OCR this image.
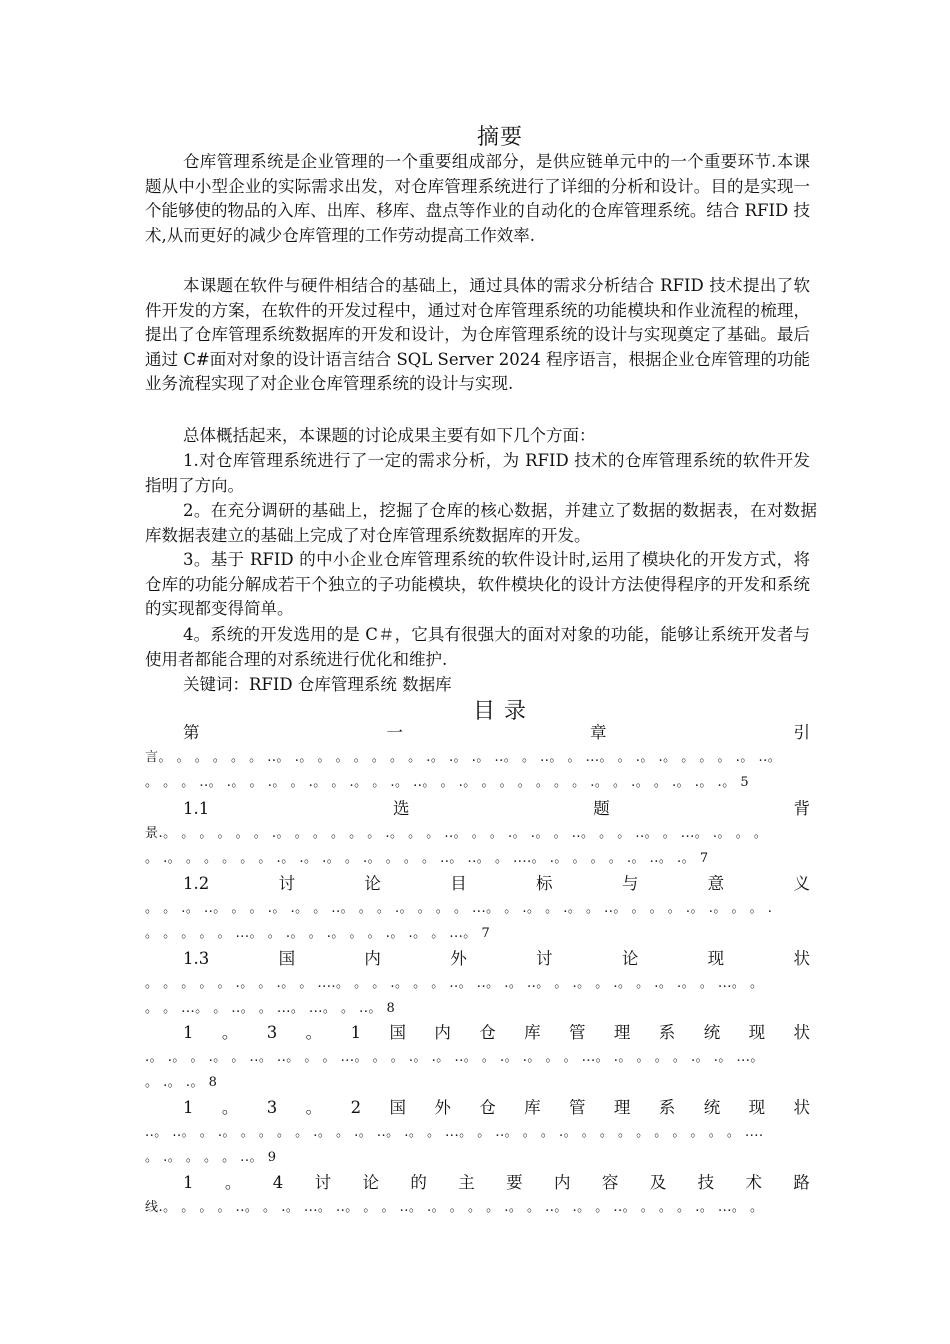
摘要

仓库管理系统是企业管理的一个重要组成部分，是供应链单元中的一个重要环节.本课题从中小型企业的实际需求出发，对仓库管理系统进行了详细的分析和设计。目的是实现一个能够使的物品的入库、出库、移库、盘点等作业的自动化的仓库管理系统。结合 RFID 技术,从而更好的减少仓库管理的工作劳动提高工作效率.

本课题在软件与硬件相结合的基础上，通过具体的需求分析结合 RFID 技术提出了软件开发的方案，在软件的开发过程中，通过对仓库管理系统的功能模块和作业流程的梳理，提出了仓库管理系统数据库的开发和设计，为仓库管理系统的设计与实现奠定了基础。最后通过 C#面对对象的设计语言结合 SQL Server 2024 程序语言，根据企业仓库管理的功能业务流程实现了对企业仓库管理系统的设计与实现.

总体概括起来，本课题的讨论成果主要有如下几个方面：

1.对仓库管理系统进行了一定的需求分析，为 RFID 技术的仓库管理系统的软件开发指明了方向。

2。在充分调研的基础上，挖掘了仓库的核心数据，并建立了数据的数据表，在对数据库数据表建立的基础上完成了对仓库管理系统数据库的开发。

3。基于 RFID 的中小企业仓库管理系统的软件设计时,运用了模块化的开发方式，将仓库的功能分解成若干个独立的子功能模块，软件模块化的设计方法使得程序的开发和系统的实现都变得简单。

4。系统的开发选用的是 C＃，它具有很强大的面对对象的功能，能够让系统开发者与使用者都能合理的对系统进行优化和维护.

关键词：RFID 仓库管理系统 数据库

目 录
第	一	章	引
言。 。 。 。 。 。 ..。 .。 。 。 。 。 。 。 .。 .。 .。 ..。 。 ..。 。 ...。 。 .。 .。 。 。 。 .。 ..。
。 。 。 ..。 .。 。 .。 。 .。 。 .。 。 .。 ..。 。 .。 。 。 。 。 。 。 .。 。 .。 。 .。 .。 .。 5
1.1	选	题	背
景.。 。 。 。 。 。 .。 。 。 。 。 。 .。 。 。 ..。 。 。 .。 .。 。 ..。 。 。 ..。 。 ...。 .。 。 。
。 .。 。 。 。 。 。 .。 .。 .。 。 .。 。 。 。 ..。 ..。 。 ....。 .。 。 。 。 .。 ..。 .。 7
1.2	讨	论	目	标	与	意	义
。 。 .。 ..。 。 。 .。 .。 。 ..。 。 。 .。 。 。 。 ...。 。 .。 。 .。 。 ..。 。 。 。 .。 .。 。 。 .
。 。 。 。 。 ...。 。 .。 。 .。 。 。 .。 .。 。 ...。 7
1.3	国	内	外	讨	论	现	状
。 。 。 。 。 .。 。 .。 。 ....。 。 。 .。 。 。 ..。 ..。 .。 ..。 。 .。 。 .。 。 .。 .。 。 ...。 。
。 。 ...。 。 ..。 。 ...。 ...。 。 ..。 8
1 。 3 。 1 国 内 仓 库 管 理 系 统 现 状
.。 .。 。 .。 。 ..。 ..。 。 。 ...。 。 。 .。 .。 ..。 。 .。 .。 。 。 ...。 .。 。 。 。 .。 .。 ...。
。 .。 .。 8
1 。 3 。 2 国 外 仓 库 管 理 系 统 现 状
..。 ..。 。 .。 。 。 。 。 .。 。 .。 ..。 .。 。 ...。 。 ..。 。 。 .。 。 。 。 。 。 。 。 。 。 ....
。 .。 。 。 。 ..。 9
1 。 4 讨 论 的 主 要 内 容 及 技 术 路
线.。 。 。 。 ..。 。 .。 ...。 ..。 。 。 ..。 .。 。 。 。 .。 。 ..。 .。 。 ..。 。 。 。 .。 ...。 。
